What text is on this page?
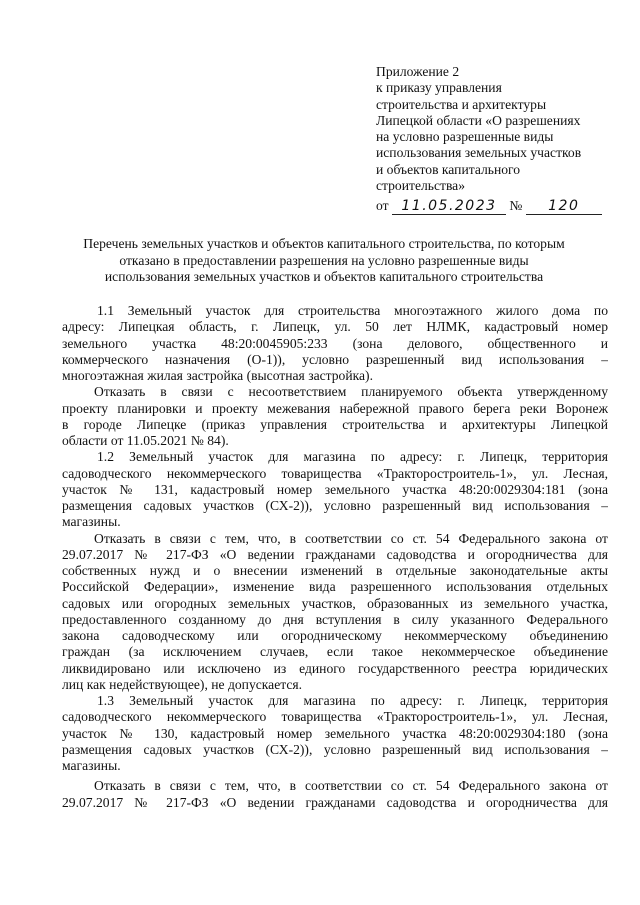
Приложение 2
к приказу управления
строительства и архитектуры
Липецкой области «О разрешениях
на условно разрешенные виды
использования земельных участков
и объектов капитального
строительства»
от 11.05.2023 № 120
Перечень земельных участков и объектов капитального строительства, по которым
отказано в предоставлении разрешения на условно разрешенные виды
использования земельных участков и объектов капитального строительства
1.1 Земельный участок для строительства многоэтажного жилого дома по
адресу: Липецкая область, г. Липецк, ул. 50 лет НЛМК, кадастровый номер
земельного участка 48:20:0045905:233 (зона делового, общественного и
коммерческого назначения (О-1)), условно разрешенный вид использования –
многоэтажная жилая застройка (высотная застройка).
Отказать в связи с несоответствием планируемого объекта утвержденному
проекту планировки и проекту межевания набережной правого берега реки Воронеж
в городе Липецке (приказ управления строительства и архитектуры Липецкой
области от 11.05.2021 № 84).
1.2 Земельный участок для магазина по адресу: г. Липецк, территория
садоводческого некоммерческого товарищества «Тракторостроитель-1», ул. Лесная,
участок № 131, кадастровый номер земельного участка 48:20:0029304:181 (зона
размещения садовых участков (СХ-2)), условно разрешенный вид использования –
магазины.
Отказать в связи с тем, что, в соответствии со ст. 54 Федерального закона от
29.07.2017 № 217-ФЗ «О ведении гражданами садоводства и огородничества для
собственных нужд и о внесении изменений в отдельные законодательные акты
Российской Федерации», изменение вида разрешенного использования отдельных
садовых или огородных земельных участков, образованных из земельного участка,
предоставленного созданному до дня вступления в силу указанного Федерального
закона садоводческому или огородническому некоммерческому объединению
граждан (за исключением случаев, если такое некоммерческое объединение
ликвидировано или исключено из единого государственного реестра юридических
лиц как недействующее), не допускается.
1.3 Земельный участок для магазина по адресу: г. Липецк, территория
садоводческого некоммерческого товарищества «Тракторостроитель-1», ул. Лесная,
участок № 130, кадастровый номер земельного участка 48:20:0029304:180 (зона
размещения садовых участков (СХ-2)), условно разрешенный вид использования –
магазины.
Отказать в связи с тем, что, в соответствии со ст. 54 Федерального закона от
29.07.2017 № 217-ФЗ «О ведении гражданами садоводства и огородничества для
